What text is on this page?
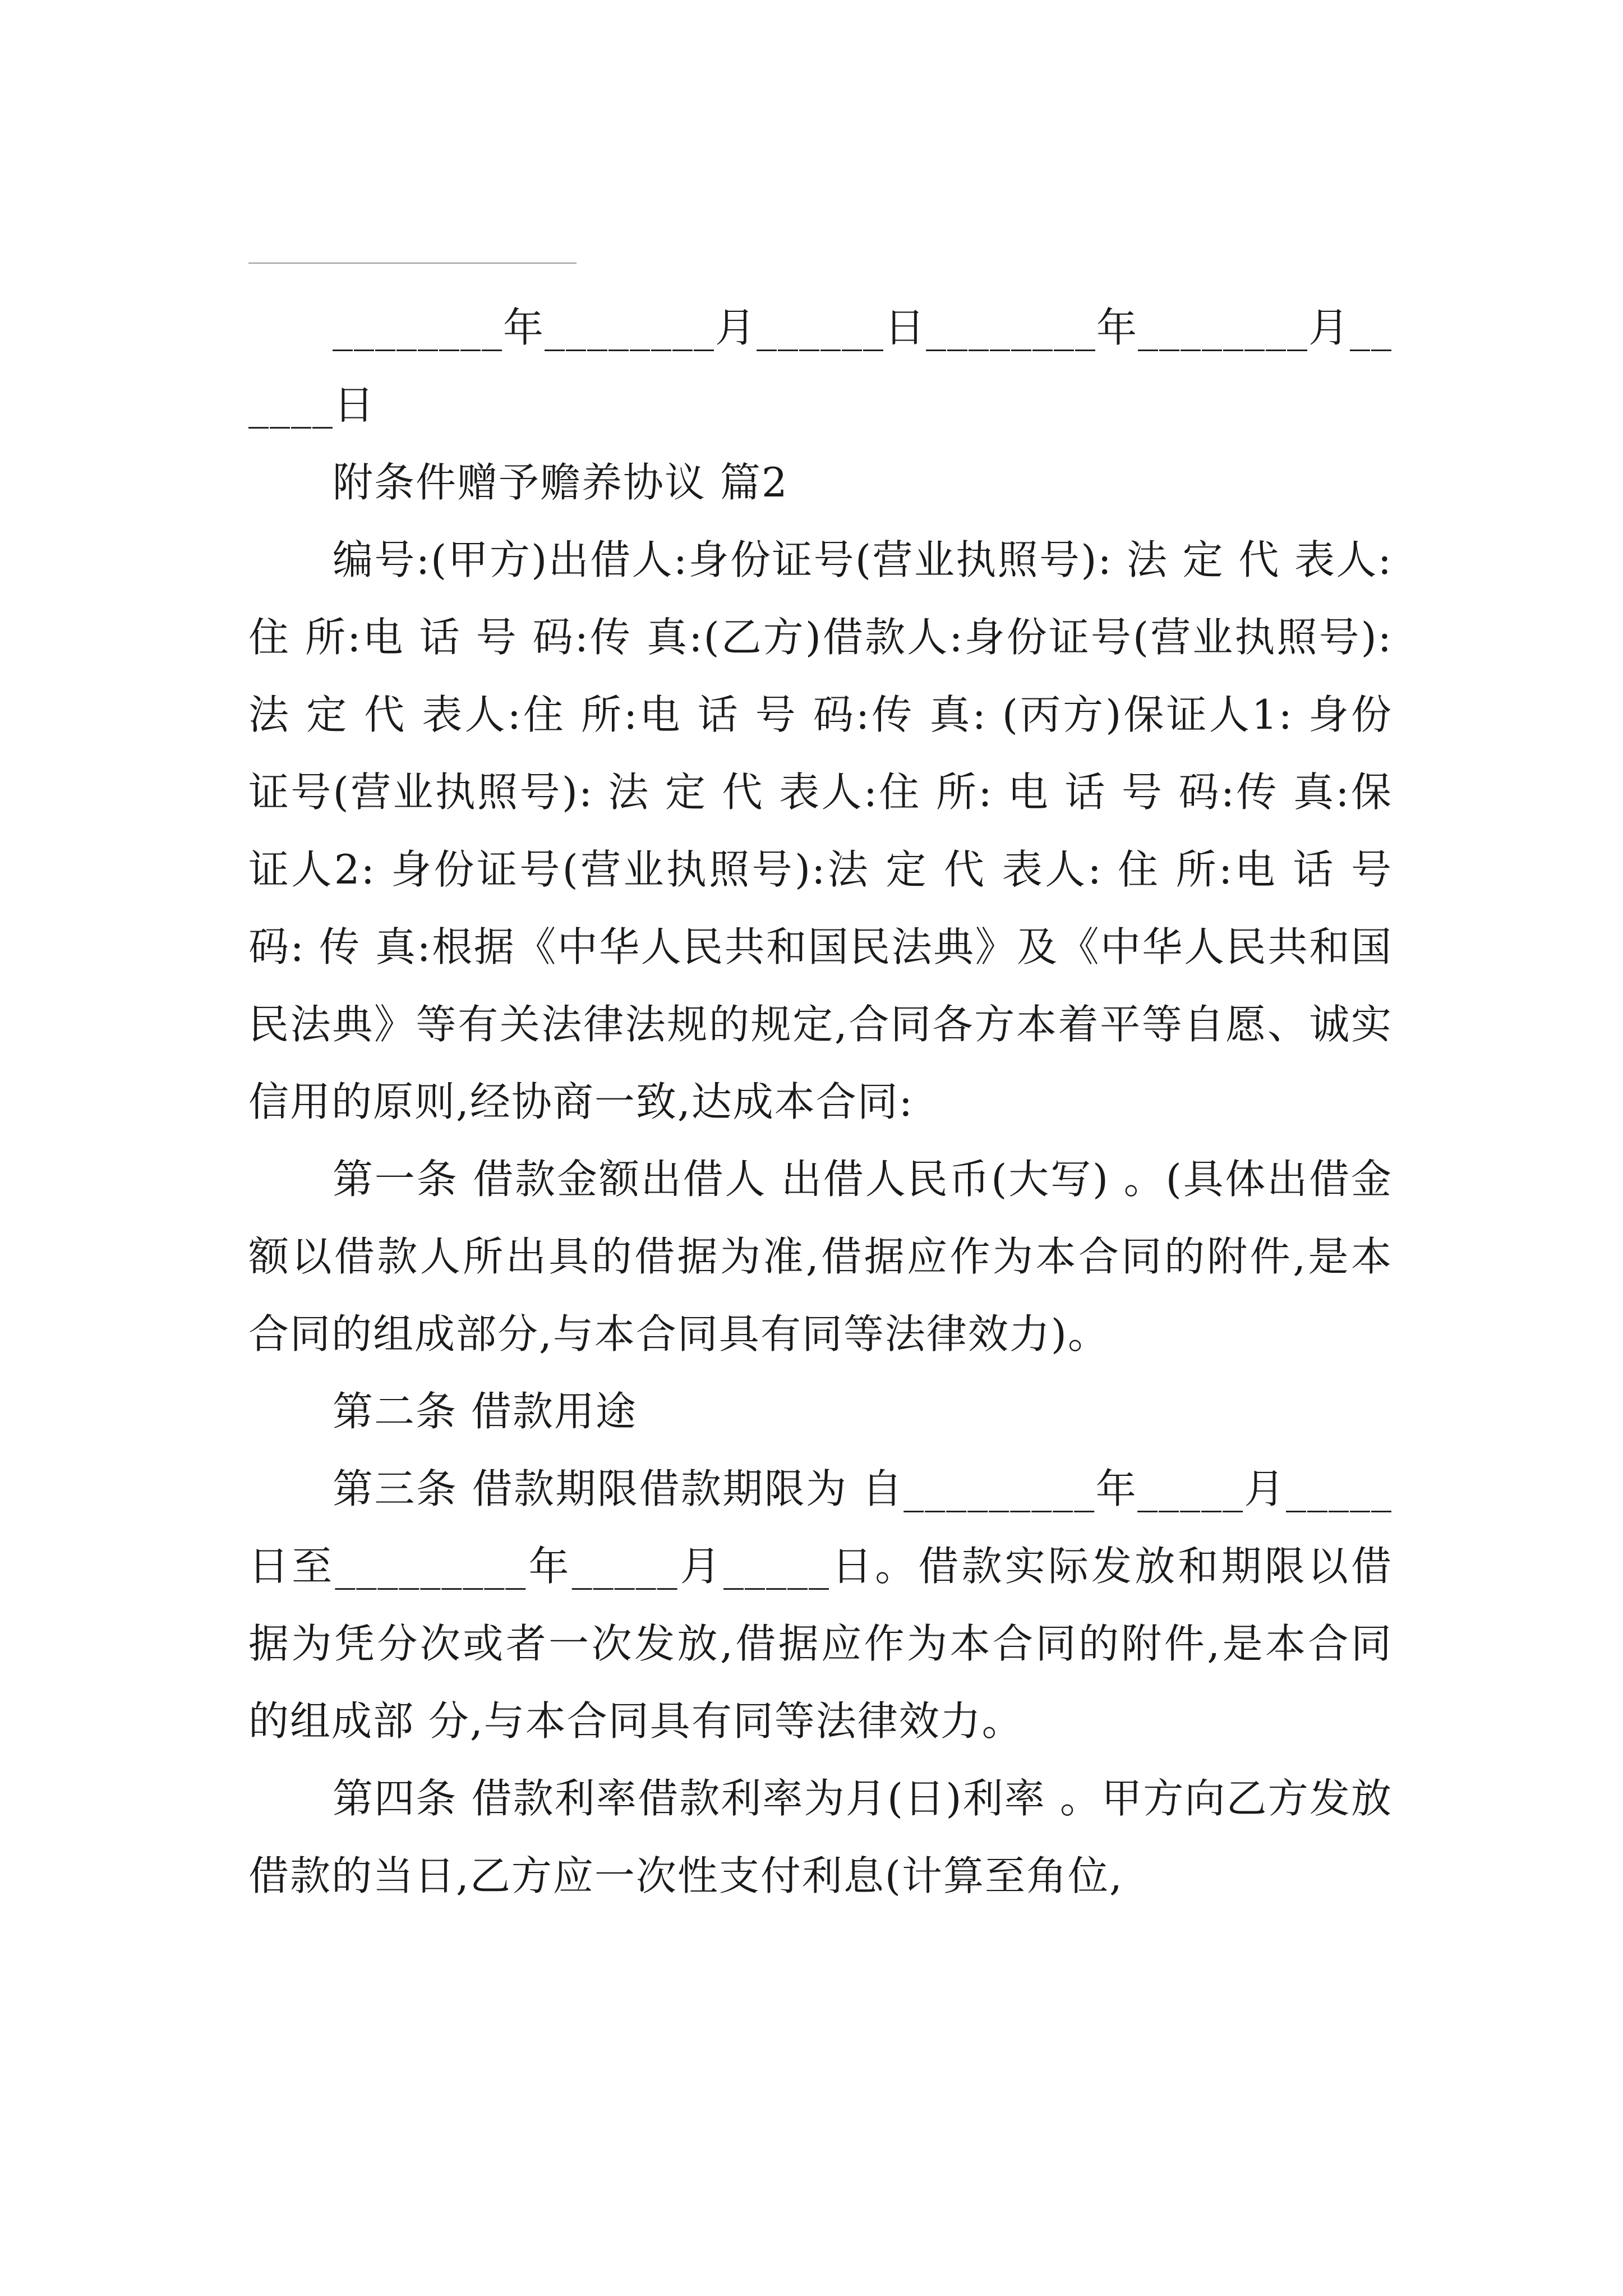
________年________月______日________年________月______日

附条件赠予赡养协议 篇2

编号:(甲方)出借人:身份证号(营业执照号): 法 定 代 表人:住 所:电 话 号 码:传 真:(乙方)借款人:身份证号(营业执照号): 法 定 代 表人:住 所:电 话 号 码:传 真: (丙方)保证人1: 身份证号(营业执照号): 法 定 代 表人:住 所: 电 话 号 码:传 真:保证人2: 身份证号(营业执照号):法 定 代 表人: 住 所:电 话 号 码: 传 真:根据《中华人民共和国民法典》及《中华人民共和国民法典》等有关法律法规的规定,合同各方本着平等自愿、诚实信用的原则,经协商一致,达成本合同:

第一条 借款金额出借人 出借人民币(大写) 。(具体出借金额以借款人所出具的借据为准,借据应作为本合同的附件,是本合同的组成部分,与本合同具有同等法律效力)。

第二条 借款用途

第三条 借款期限借款期限为 自_________年_____月_____日至_________年_____月_____日。借款实际发放和期限以借据为凭分次或者一次发放,借据应作为本合同的附件,是本合同的组成部 分,与本合同具有同等法律效力。

第四条 借款利率借款利率为月(日)利率 。甲方向乙方发放借款的当日,乙方应一次性支付利息(计算至角位,
